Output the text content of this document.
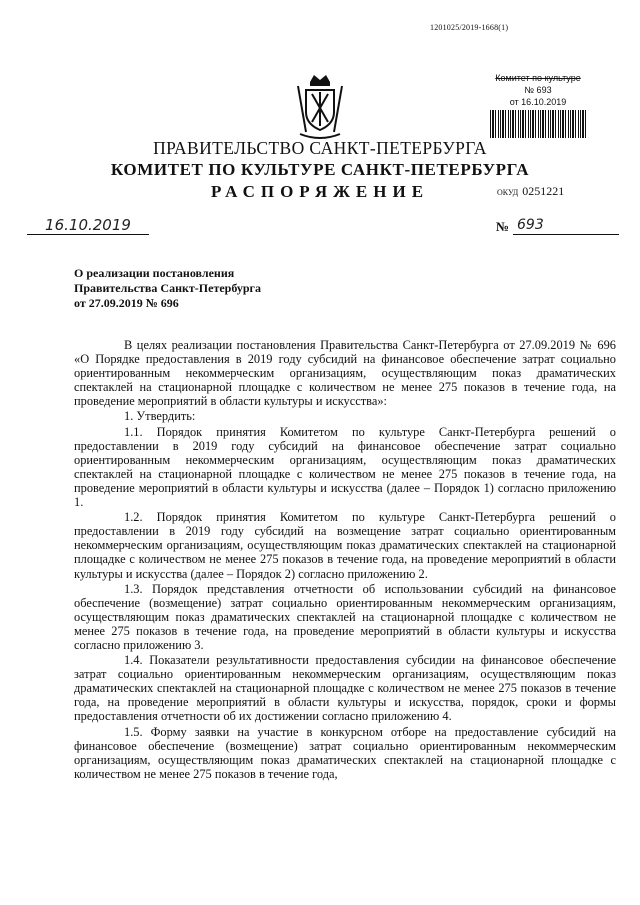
1201025/2019-1668(1)
Комитет по культуре
№ 693
от 16.10.2019
ПРАВИТЕЛЬСТВО САНКТ-ПЕТЕРБУРГА
КОМИТЕТ ПО КУЛЬТУРЕ САНКТ-ПЕТЕРБУРГА
РАСПОРЯЖЕНИЕ	ОКУД 0251221
16.10.2019	№ 693
О реализации постановления
Правительства Санкт-Петербурга
от 27.09.2019 № 696

В целях реализации постановления Правительства Санкт-Петербурга от 27.09.2019 № 696 «О Порядке предоставления в 2019 году субсидий на финансовое обеспечение затрат социально ориентированным некоммерческим организациям, осуществляющим показ драматических спектаклей на стационарной площадке с количеством не менее 275 показов в течение года, на проведение мероприятий в области культуры и искусства»:

1. Утвердить:

1.1. Порядок принятия Комитетом по культуре Санкт-Петербурга решений о предоставлении в 2019 году субсидий на финансовое обеспечение затрат социально ориентированным некоммерческим организациям, осуществляющим показ драматических спектаклей на стационарной площадке с количеством не менее 275 показов в течение года, на проведение мероприятий в области культуры и искусства (далее – Порядок 1) согласно приложению 1.

1.2. Порядок принятия Комитетом по культуре Санкт-Петербурга решений о предоставлении в 2019 году субсидий на возмещение затрат социально ориентированным некоммерческим организациям, осуществляющим показ драматических спектаклей на стационарной площадке с количеством не менее 275 показов в течение года, на проведение мероприятий в области культуры и искусства (далее – Порядок 2) согласно приложению 2.

1.3. Порядок представления отчетности об использовании субсидий на финансовое обеспечение (возмещение) затрат социально ориентированным некоммерческим организациям, осуществляющим показ драматических спектаклей на стационарной площадке с количеством не менее 275 показов в течение года, на проведение мероприятий в области культуры и искусства согласно приложению 3.

1.4. Показатели результативности предоставления субсидии на финансовое обеспечение затрат социально ориентированным некоммерческим организациям, осуществляющим показ драматических спектаклей на стационарной площадке с количеством не менее 275 показов в течение года, на проведение мероприятий в области культуры и искусства, порядок, сроки и формы предоставления отчетности об их достижении согласно приложению 4.

1.5. Форму заявки на участие в конкурсном отборе на предоставление субсидий на финансовое обеспечение (возмещение) затрат социально ориентированным некоммерческим организациям, осуществляющим показ драматических спектаклей на стационарной площадке с количеством не менее 275 показов в течение года,
